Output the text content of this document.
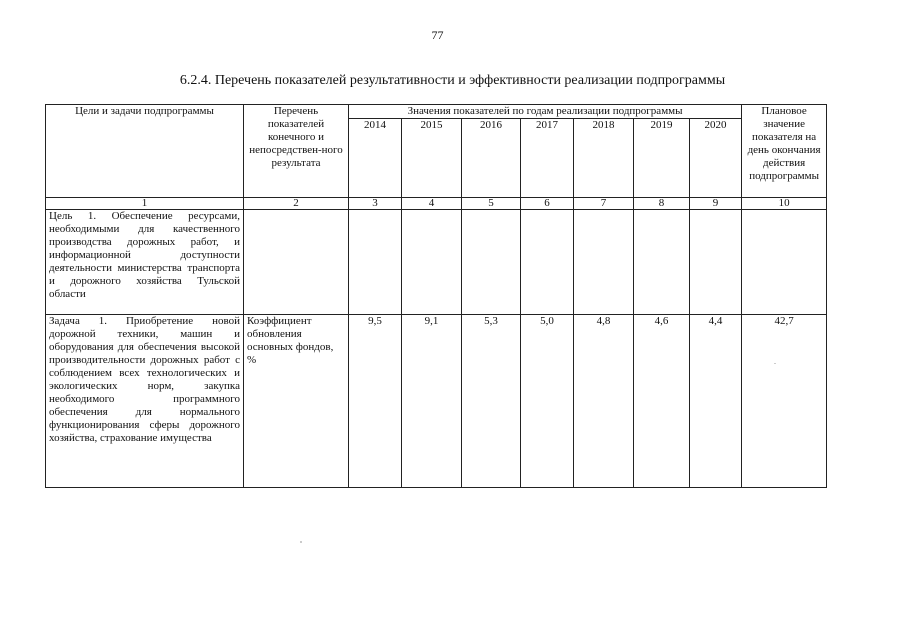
77
6.2.4. Перечень показателей результативности и эффективности реализации подпрограммы
Цели и задачи подпрограммы	Перечень показателей конечного и непосредствен-ного результата	Значения показателей по годам реализации подпрограммы							Плановое значение показателя на день окончания действия подпрограммы
		2014	2015	2016	2017	2018	2019	2020	
1	2	3	4	5	6	7	8	9	10
Цель 1. Обеспечение ресурсами, необходимыми для качественного производства дорожных работ, и информационной доступности деятельности министерства транспорта и дорожного хозяйства Тульской области									
Задача 1. Приобретение новой дорожной техники, машин и оборудования для обеспечения высокой производительности дорожных работ с соблюдением всех технологических и экологических норм, закупка необходимого программного обеспечения для нормального функционирования сферы дорожного хозяйства, страхование имущества	Коэффициент обновления основных фондов, %	9,5	9,1	5,3	5,0	4,8	4,6	4,4	42,7
